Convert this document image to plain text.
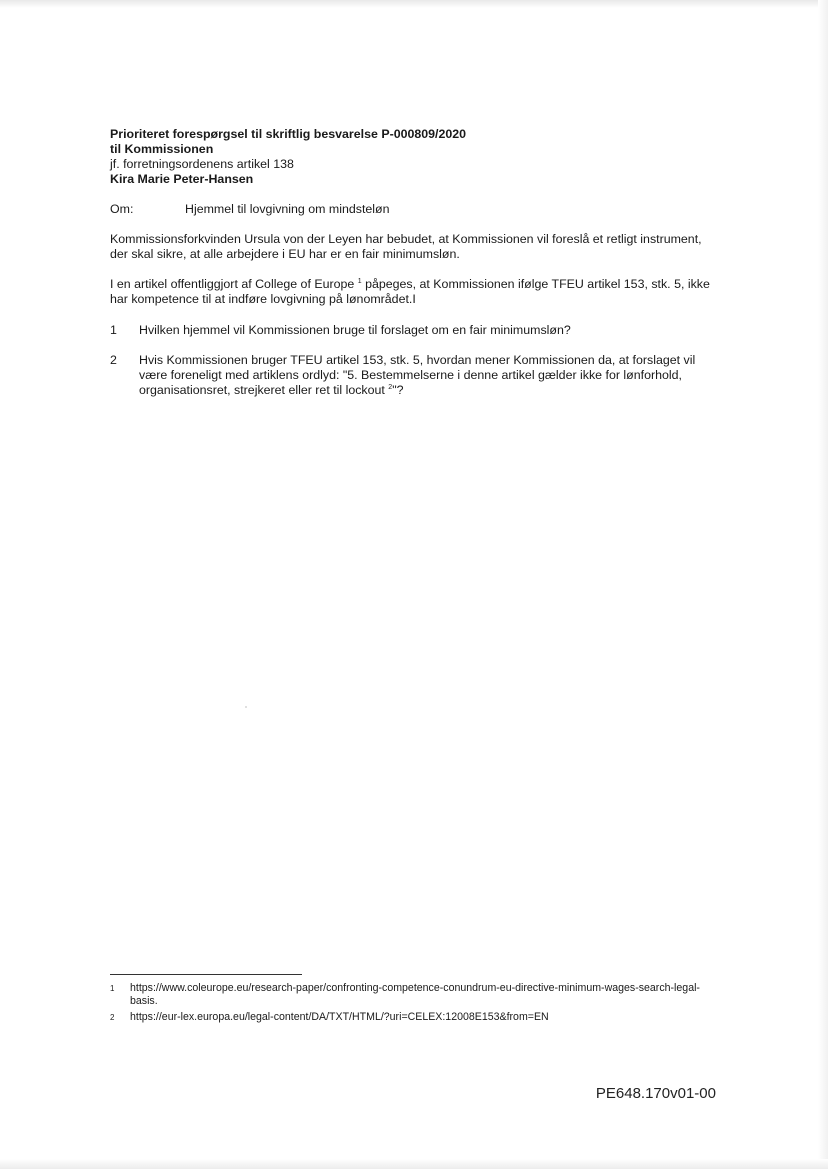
Prioriteret forespørgsel til skriftlig besvarelse P-000809/2020
til Kommissionen
jf. forretningsordenens artikel 138
Kira Marie Peter-Hansen
Om:	Hjemmel til lovgivning om mindsteløn
Kommissionsforkvinden Ursula von der Leyen har bebudet, at Kommissionen vil foreslå et retligt instrument, der skal sikre, at alle arbejdere i EU har er en fair minimumsløn.
I en artikel offentliggjort af College of Europe $^1$ påpeges, at Kommissionen ifølge TFEU artikel 153, stk. 5, ikke har kompetence til at indføre lovgivning på lønområdet.I
1	Hvilken hjemmel vil Kommissionen bruge til forslaget om en fair minimumsløn?
2	Hvis Kommissionen bruger TFEU artikel 153, stk. 5, hvordan mener Kommissionen da, at forslaget vil være foreneligt med artiklens ordlyd: "5. Bestemmelserne i denne artikel gælder ikke for lønforhold, organisationsret, strejkeret eller ret til lockout $^2$"?
1	https://www.coleurope.eu/research-paper/confronting-competence-conundrum-eu-directive-minimum-wages-search-legal-basis.
2	https://eur-lex.europa.eu/legal-content/DA/TXT/HTML/?uri=CELEX:12008E153&from=EN
PE648.170v01-00
